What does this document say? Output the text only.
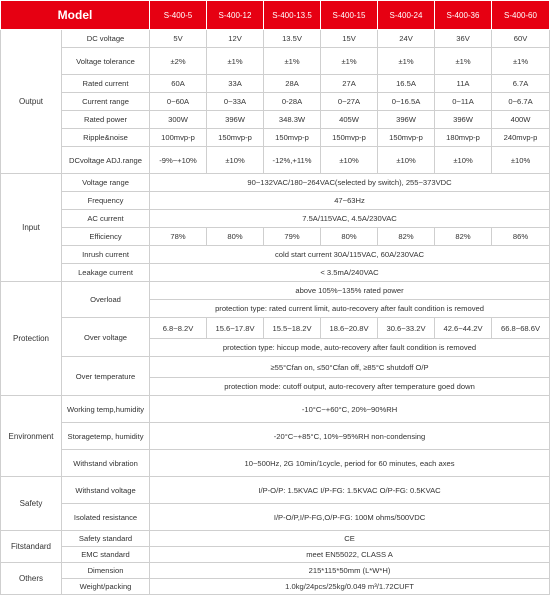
Model		S-400-5	S-400-12	S-400-13.5	S-400-15	S-400-24	S-400-36	S-400-60
Output	DC voltage	5V	12V	13.5V	15V	24V	36V	60V
	Voltage tolerance	±2%	±1%	±1%	±1%	±1%	±1%	±1%
	Rated current	60A	33A	28A	27A	16.5A	11A	6.7A
	Current range	0~60A	0~33A	0-28A	0~27A	0~16.5A	0~11A	0~6.7A
	Rated power	300W	396W	348.3W	405W	396W	396W	400W
	Ripple&noise	100mvp-p	150mvp-p	150mvp-p	150mvp-p	150mvp-p	180mvp-p	240mvp-p
	DCvoltage ADJ.range	-9%~+10%	±10%	-12%,+11%	±10%	±10%	±10%	±10%
Input	Voltage range	90~132VAC/180~264VAC(selected by switch), 255~373VDC						
	Frequency	47~63Hz						
	AC current	7.5A/115VAC, 4.5A/230VAC						
	Efficiency	78%	80%	79%	80%	82%	82%	86%
	Inrush current	cold start current 30A/115VAC, 60A/230VAC						
	Leakage current	< 3.5mA/240VAC						
Protection	Overload	above 105%~135% rated power						
		protection type: rated current limit, auto-recovery after fault condition is removed						
	Over voltage	6.8~8.2V	15.6~17.8V	15.5~18.2V	18.6~20.8V	30.6~33.2V	42.6~44.2V	66.8~68.6V
		protection type: hiccup mode, auto-recovery after fault condition is removed						
	Over temperature	≥55°Cfan on, ≤50°Cfan off, ≥85°C shutdoff O/P						
		protection mode: cutoff output, auto-recovery after temperature goed down						
Environment	Working temp,humidity	-10°C~+60°C, 20%~90%RH						
	Storagetemp, humidity	-20°C~+85°C, 10%~95%RH non-condensing						
	Withstand vibration	10~500Hz, 2G 10min/1cycle, period for 60 minutes, each axes						
Safety	Withstand voltage	I/P-O/P: 1.5KVAC I/P-FG: 1.5KVAC O/P-FG: 0.5KVAC						
	Isolated resistance	I/P-O/P,I/P-FG,O/P-FG: 100M ohms/500VDC						
Fitstandard	Safety standard	CE						
	EMC standard	meet EN55022, CLASS A						
Others	Dimension	215*115*50mm (L*W*H)						
	Weight/packing	1.0kg/24pcs/25kg/0.049 m³/1.72CUFT						
